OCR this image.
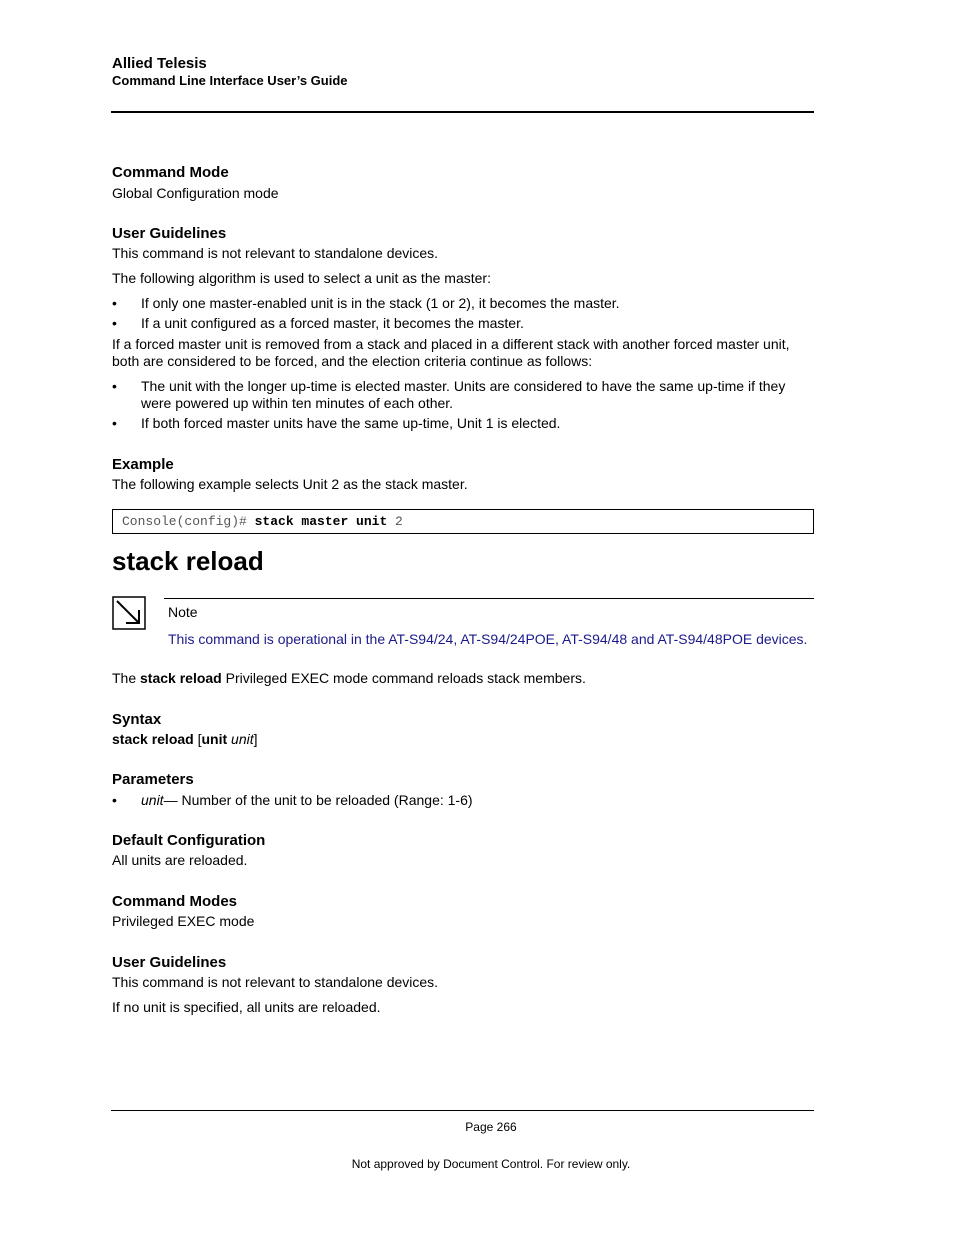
Allied Telesis
Command Line Interface User’s Guide
Command Mode
Global Configuration mode
User Guidelines
This command is not relevant to standalone devices.
The following algorithm is used to select a unit as the master:
• If only one master-enabled unit is in the stack (1 or 2), it becomes the master.
• If a unit configured as a forced master, it becomes the master.
If a forced master unit is removed from a stack and placed in a different stack with another forced master unit, both are considered to be forced, and the election criteria continue as follows:
• The unit with the longer up-time is elected master. Units are considered to have the same up-time if they were powered up within ten minutes of each other.
• If both forced master units have the same up-time, Unit 1 is elected.
Example
The following example selects Unit 2 as the stack master.
Console(config)# stack master unit 2
stack reload
Note
This command is operational in the AT-S94/24, AT-S94/24POE, AT-S94/48 and AT-S94/48POE devices.
The stack reload Privileged EXEC mode command reloads stack members.
Syntax
stack reload [unit unit]
Parameters
• unit— Number of the unit to be reloaded (Range: 1-6)
Default Configuration
All units are reloaded.
Command Modes
Privileged EXEC mode
User Guidelines
This command is not relevant to standalone devices.
If no unit is specified, all units are reloaded.
Page 266
Not approved by Document Control. For review only.
